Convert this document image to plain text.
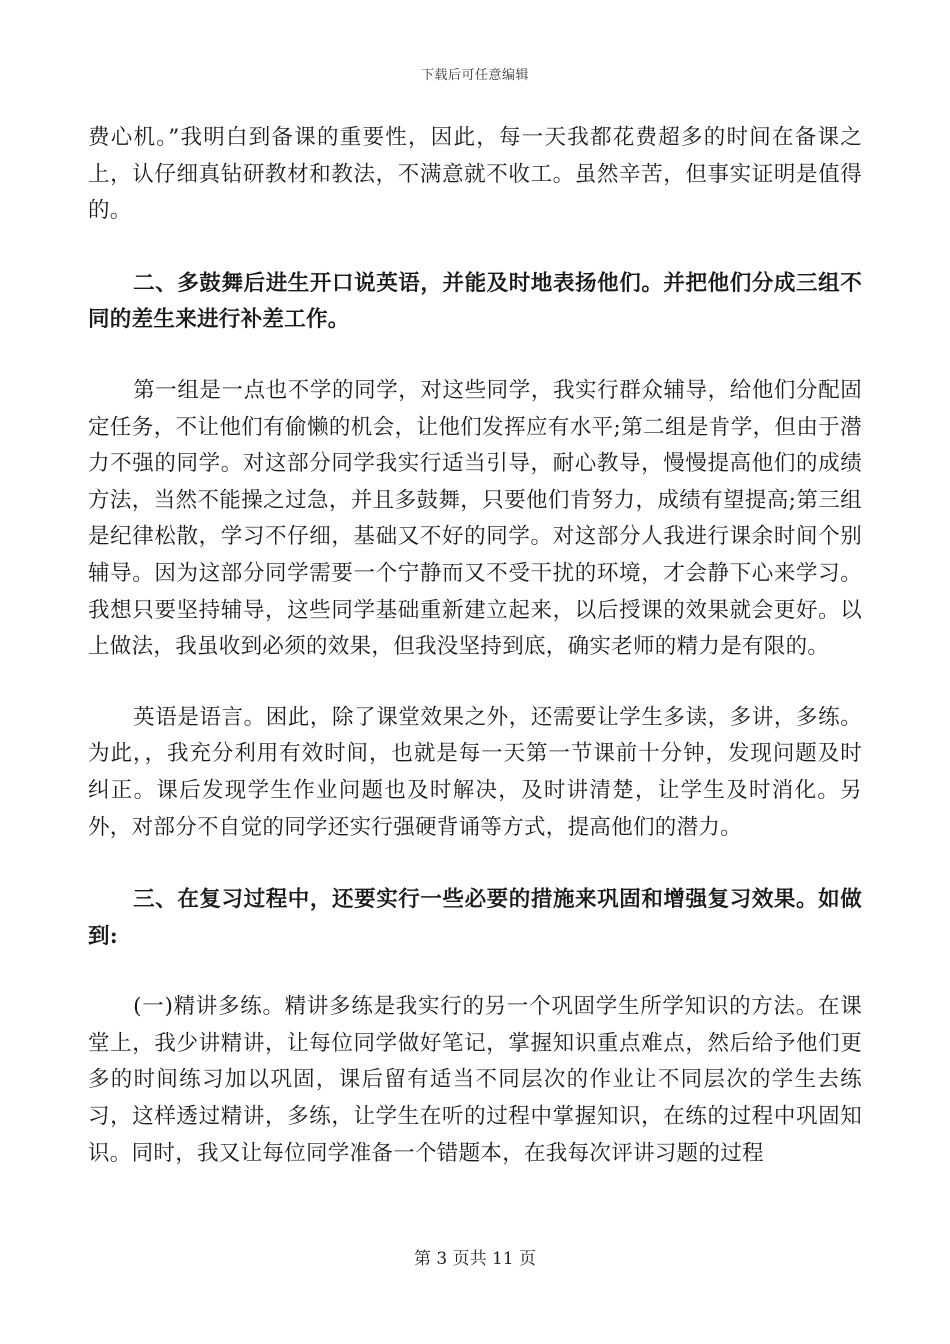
下载后可任意编辑

费心机。”我明白到备课的重要性，因此，每一天我都花费超多的时间在备课之上，认仔细真钻研教材和教法，不满意就不收工。虽然辛苦，但事实证明是值得的。

二、多鼓舞后进生开口说英语，并能及时地表扬他们。并把他们分成三组不同的差生来进行补差工作。

第一组是一点也不学的同学，对这些同学，我实行群众辅导，给他们分配固定任务，不让他们有偷懒的机会，让他们发挥应有水平;第二组是肯学，但由于潜力不强的同学。对这部分同学我实行适当引导，耐心教导，慢慢提高他们的成绩方法，当然不能操之过急，并且多鼓舞，只要他们肯努力，成绩有望提高;第三组是纪律松散，学习不仔细，基础又不好的同学。对这部分人我进行课余时间个别辅导。因为这部分同学需要一个宁静而又不受干扰的环境，才会静下心来学习。我想只要坚持辅导，这些同学基础重新建立起来，以后授课的效果就会更好。以上做法，我虽收到必须的效果，但我没坚持到底，确实老师的精力是有限的。

英语是语言。困此，除了课堂效果之外，还需要让学生多读，多讲，多练。为此，，我充分利用有效时间，也就是每一天第一节课前十分钟，发现问题及时纠正。课后发现学生作业问题也及时解决，及时讲清楚，让学生及时消化。另外，对部分不自觉的同学还实行强硬背诵等方式，提高他们的潜力。

三、在复习过程中，还要实行一些必要的措施来巩固和增强复习效果。如做到:

(一)精讲多练。精讲多练是我实行的另一个巩固学生所学知识的方法。在课堂上，我少讲精讲，让每位同学做好笔记，掌握知识重点难点，然后给予他们更多的时间练习加以巩固，课后留有适当不同层次的作业让不同层次的学生去练习，这样透过精讲，多练，让学生在听的过程中掌握知识，在练的过程中巩固知识。同时，我又让每位同学准备一个错题本，在我每次评讲习题的过程

第 3 页共 11 页
